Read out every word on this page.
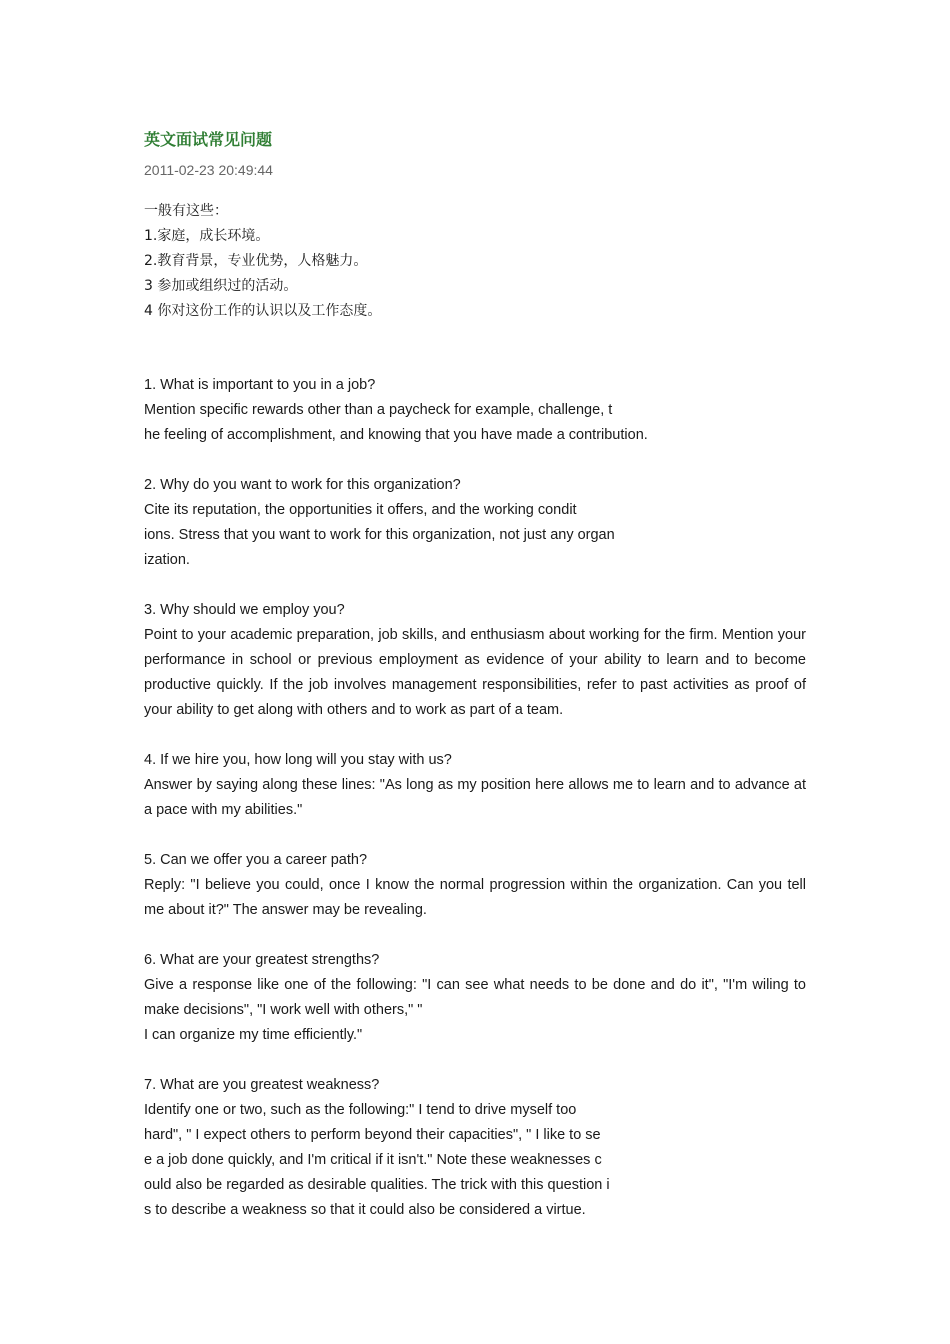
英文面试常见问题
2011-02-23 20:49:44
一般有这些：
1.家庭，成长环境。
2.教育背景，专业优势，人格魅力。
3 参加或组织过的活动。
4 你对这份工作的认识以及工作态度。
1. What is important to you in a job?
Mention specific rewards other than a paycheck for example, challenge, t
he feeling of accomplishment, and knowing that you have made a contribution.
2. Why do you want to work for this organization?
Cite its reputation, the opportunities it offers, and the working condit
ions. Stress that you want to work for this organization, not just any organ
ization.
3. Why should we employ you?
Point to your academic preparation, job skills, and enthusiasm about working for the firm. Mention your performance in school or previous employment as evidence of your ability to learn and to become productive quickly. If the job involves management responsibilities, refer to past activities as proof of your ability to get along with others and to work as part of a team.
4. If we hire you, how long will you stay with us?
Answer by saying along these lines: "As long as my position here allows me to learn and to advance at a pace with my abilities."
5. Can we offer you a career path?
Reply: "I believe you could, once I know the normal progression within the organization. Can you tell me about it?" The answer may be revealing.
6. What are your greatest strengths?
Give a response like one of the following: "I can see what needs to be done and do it", "I'm wiling to make decisions", "I work well with others," "
I can organize my time efficiently."
7. What are you greatest weakness?
Identify one or two, such as the following:" I tend to drive myself too
hard", " I expect others to perform beyond their capacities", " I like to se
e a job done quickly, and I'm critical if it isn't." Note these weaknesses c
ould also be regarded as desirable qualities. The trick with this question i
s to describe a weakness so that it could also be considered a virtue.
